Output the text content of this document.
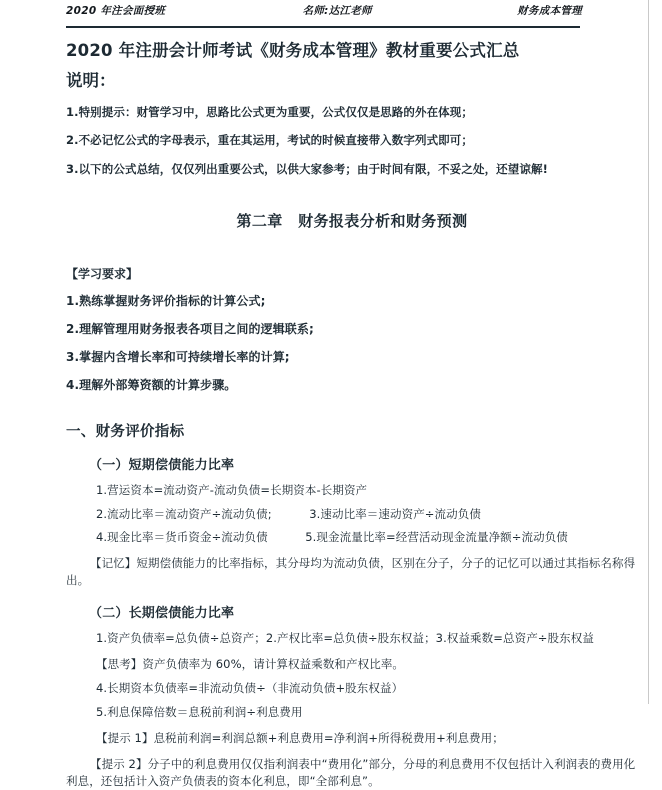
2020 年注会面授班	名师:达江老师	财务成本管理
2020 年注册会计师考试《财务成本管理》教材重要公式汇总
说明：
1.特别提示：财管学习中，思路比公式更为重要，公式仅仅是思路的外在体现；
2.不必记忆公式的字母表示，重在其运用，考试的时候直接带入数字列式即可；
3.以下的公式总结，仅仅列出重要公式，以供大家参考；由于时间有限，不妥之处，还望谅解!
第二章　财务报表分析和财务预测
【学习要求】
1.熟练掌握财务评价指标的计算公式;
2.理解管理用财务报表各项目之间的逻辑联系;
3.掌握内含增长率和可持续增长率的计算;
4.理解外部筹资额的计算步骤。
一、财务评价指标
（一）短期偿债能力比率
1.营运资本=流动资产-流动负债=长期资本-长期资产
2.流动比率＝流动资产÷流动负债;          3.速动比率＝速动资产÷流动负债
4.现金比率＝货币资金÷流动负债          5.现金流量比率=经营活动现金流量净额÷流动负债
【记忆】短期偿债能力的比率指标，其分母均为流动负债，区别在分子，分子的记忆可以通过其指标名称得出。
（二）长期偿债能力比率
1.资产负债率=总负债÷总资产；2.产权比率=总负债÷股东权益；3.权益乘数=总资产÷股东权益
【思考】资产负债率为 60%，请计算权益乘数和产权比率。
4.长期资本负债率=非流动负债÷（非流动负债+股东权益）
5.利息保障倍数＝息税前利润÷利息费用
【提示 1】息税前利润=利润总额+利息费用=净利润+所得税费用+利息费用；
【提示 2】分子中的利息费用仅仅指利润表中“费用化”部分，分母的利息费用不仅包括计入利润表的费用化利息，还包括计入资产负债表的资本化利息，即“全部利息”。
